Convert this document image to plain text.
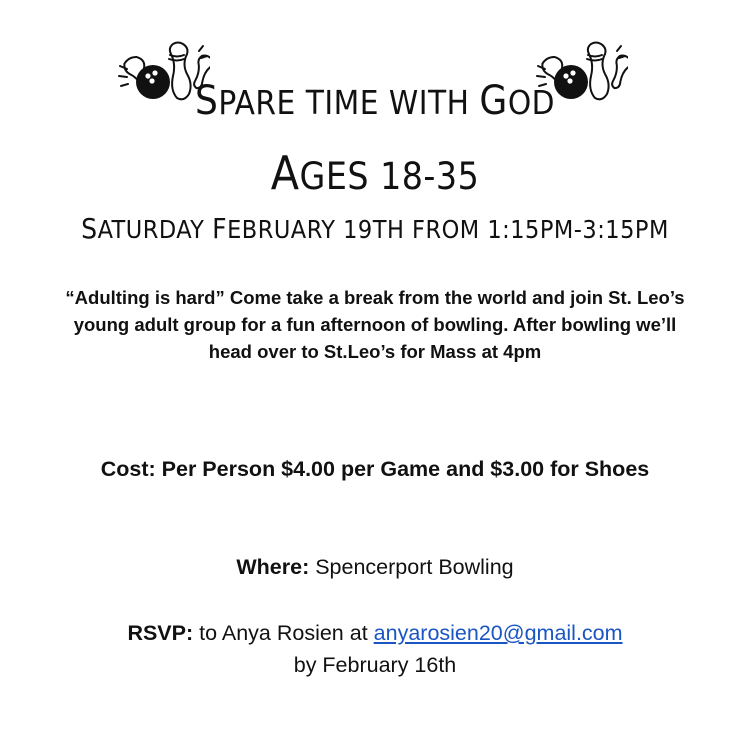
SPARE TIME WITH GOD
AGES 18-35
SATURDAY FEBRUARY 19TH FROM 1:15PM-3:15PM

“Adulting is hard” Come take a break from the world and join St. Leo’s young adult group for a fun afternoon of bowling. After bowling we’ll head over to St.Leo’s for Mass at 4pm

Cost: Per Person $4.00 per Game and $3.00 for Shoes

Where: Spencerport Bowling

RSVP: to Anya Rosien at anyarosien20@gmail.com
by February 16th
